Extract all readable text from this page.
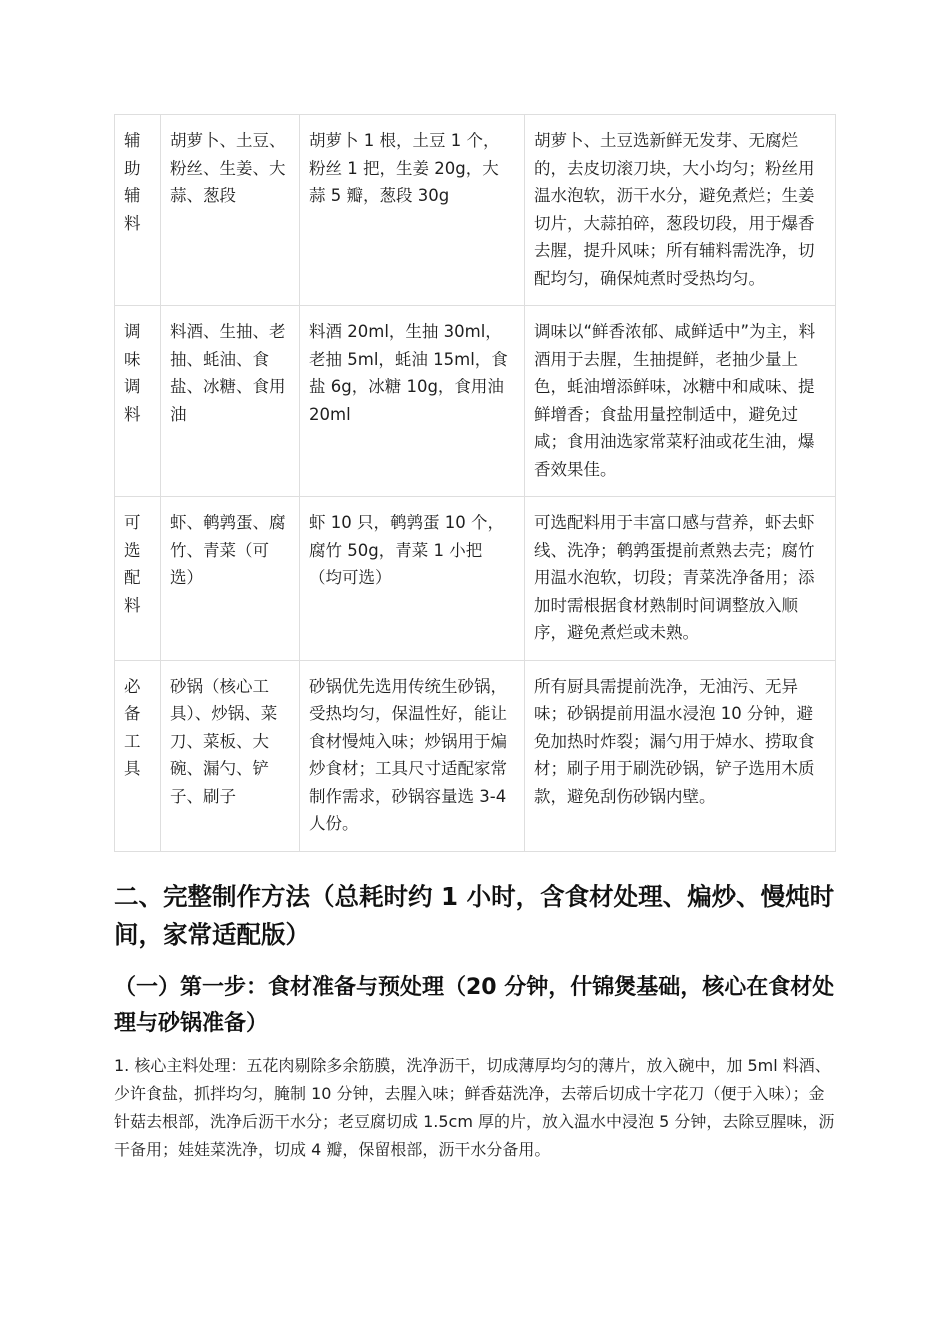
辅助辅料	胡萝卜、土豆、粉丝、生姜、大蒜、葱段	胡萝卜 1 根，土豆 1 个，粉丝 1 把，生姜 20g，大蒜 5 瓣，葱段 30g	胡萝卜、土豆选新鲜无发芽、无腐烂的，去皮切滚刀块，大小均匀；粉丝用温水泡软，沥干水分，避免煮烂；生姜切片，大蒜拍碎，葱段切段，用于爆香去腥，提升风味；所有辅料需洗净，切配均匀，确保炖煮时受热均匀。
调味调料	料酒、生抽、老抽、蚝油、食盐、冰糖、食用油	料酒 20ml，生抽 30ml，老抽 5ml，蚝油 15ml，食盐 6g，冰糖 10g，食用油 20ml	调味以“鲜香浓郁、咸鲜适中”为主，料酒用于去腥，生抽提鲜，老抽少量上色，蚝油增添鲜味，冰糖中和咸味、提鲜增香；食盐用量控制适中，避免过咸；食用油选家常菜籽油或花生油，爆香效果佳。
可选配料	虾、鹌鹑蛋、腐竹、青菜（可选）	虾 10 只，鹌鹑蛋 10 个，腐竹 50g，青菜 1 小把（均可选）	可选配料用于丰富口感与营养，虾去虾线、洗净；鹌鹑蛋提前煮熟去壳；腐竹用温水泡软，切段；青菜洗净备用；添加时需根据食材熟制时间调整放入顺序，避免煮烂或未熟。
必备工具	砂锅（核心工具）、炒锅、菜刀、菜板、大碗、漏勺、铲子、刷子	砂锅优先选用传统生砂锅，受热均匀，保温性好，能让食材慢炖入味；炒锅用于煸炒食材；工具尺寸适配家常制作需求，砂锅容量选 3-4 人份。	所有厨具需提前洗净，无油污、无异味；砂锅提前用温水浸泡 10 分钟，避免加热时炸裂；漏勺用于焯水、捞取食材；刷子用于刷洗砂锅，铲子选用木质款，避免刮伤砂锅内壁。
二、完整制作方法（总耗时约 1 小时，含食材处理、煸炒、慢炖时间，家常适配版）
（一）第一步：食材准备与预处理（20 分钟，什锦煲基础，核心在食材处理与砂锅准备）

1. 核心主料处理：五花肉剔除多余筋膜，洗净沥干，切成薄厚均匀的薄片，放入碗中，加 5ml 料酒、少许食盐，抓拌均匀，腌制 10 分钟，去腥入味；鲜香菇洗净，去蒂后切成十字花刀（便于入味）；金针菇去根部，洗净后沥干水分；老豆腐切成 1.5cm 厚的片，放入温水中浸泡 5 分钟，去除豆腥味，沥干备用；娃娃菜洗净，切成 4 瓣，保留根部，沥干水分备用。
